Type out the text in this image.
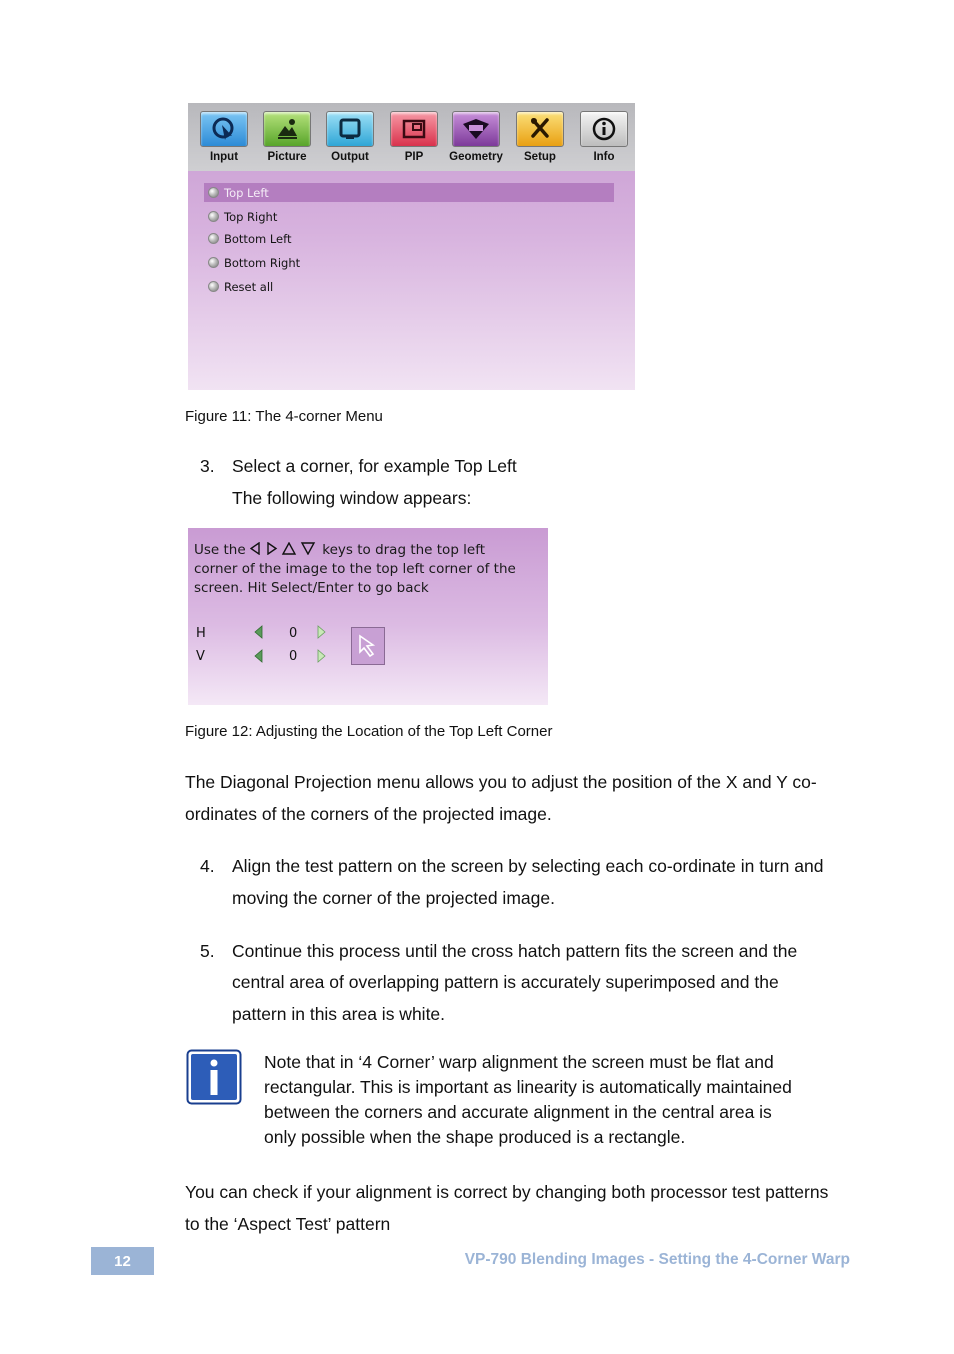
Input	Picture	Output	PIP	Geometry	Setup	Info
Top Left
Top Right
Bottom Left
Bottom Right
Reset all
Figure 11: The 4-corner Menu
3. Select a corner, for example Top Left
The following window appears:
Use the	keys to drag the top left
corner of the image to the top left corner of the
screen. Hit Select/Enter to go back
H	0
V	0
Figure 12: Adjusting the Location of the Top Left Corner
The Diagonal Projection menu allows you to adjust the position of the X and Y co-
ordinates of the corners of the projected image.
4. Align the test pattern on the screen by selecting each co-ordinate in turn and
moving the corner of the projected image.
5. Continue this process until the cross hatch pattern fits the screen and the
central area of overlapping pattern is accurately superimposed and the
pattern in this area is white.
Note that in ‘4 Corner’ warp alignment the screen must be flat and
rectangular. This is important as linearity is automatically maintained
between the corners and accurate alignment in the central area is
only possible when the shape produced is a rectangle.
You can check if your alignment is correct by changing both processor test patterns
to the ‘Aspect Test’ pattern
12	VP-790 Blending Images - Setting the 4-Corner Warp
